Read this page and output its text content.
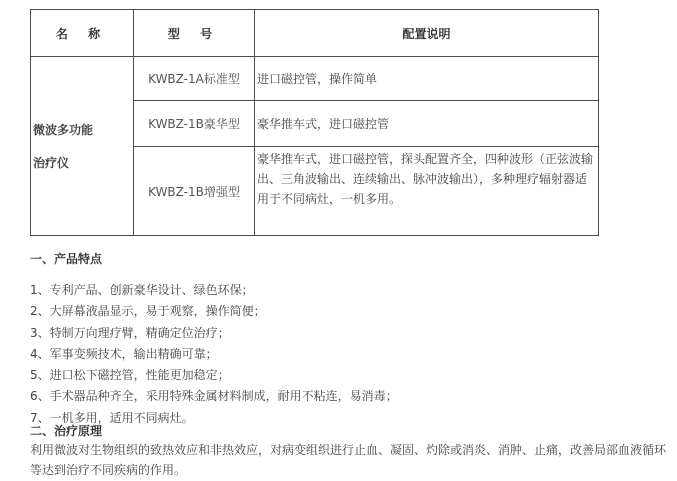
名 称	型 号	配置说明

微波多功能
治疗仪	KWBZ-1A标准型	进口磁控管，操作简单
	KWBZ-1B豪华型	豪华推车式，进口磁控管
	KWBZ-1B增强型	豪华推车式，进口磁控管，探头配置齐全，四种波形（正弦波输出、三角波输出、连续输出、脉冲波输出），多种理疗辐射器适用于不同病灶，一机多用。
一、产品特点
1、专利产品、创新豪华设计、绿色环保；
2、大屏幕液晶显示，易于观察，操作简便；
3、特制万向理疗臂，精确定位治疗；
4、军事变频技术，输出精确可靠；
5、进口松下磁控管，性能更加稳定；
6、手术器品种齐全，采用特殊金属材料制成，耐用不粘连，易消毒；
7、一机多用，适用不同病灶。
二、治疗原理
利用微波对生物组织的致热效应和非热效应，对病变组织进行止血、凝固、灼除或消炎、消肿、止痛，改善局部血液循环等达到治疗不同疾病的作用。
